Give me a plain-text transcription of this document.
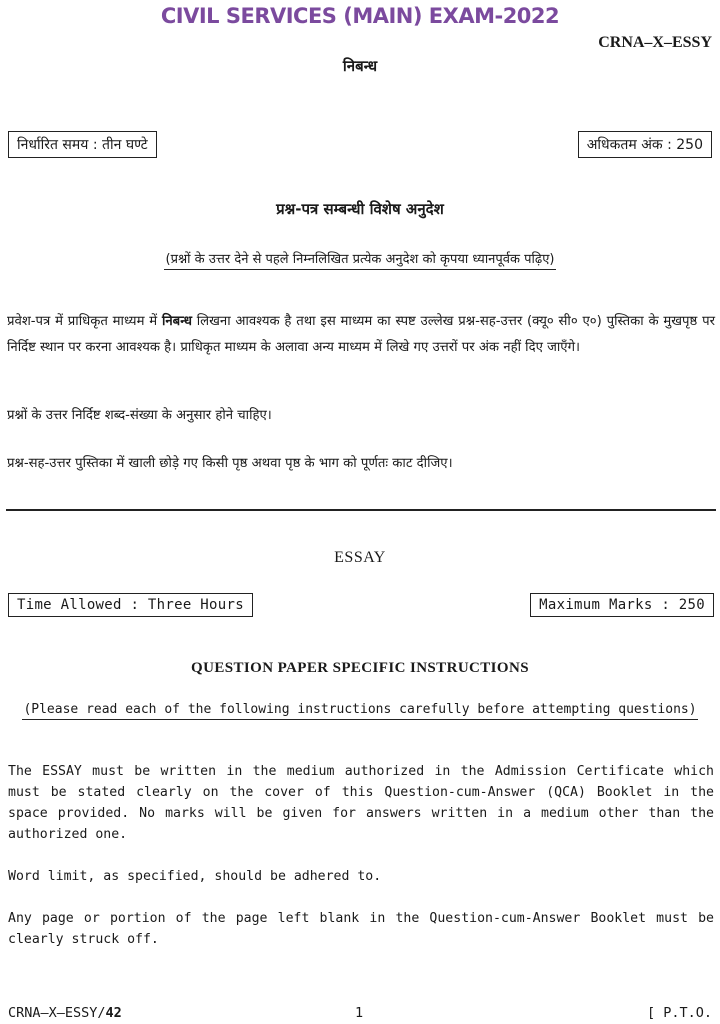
CIVIL SERVICES (MAIN) EXAM-2022
CRNA–X–ESSY
निबन्ध
निर्धारित समय : तीन घण्टे	अधिकतम अंक : 250
प्रश्न-पत्र सम्बन्धी विशेष अनुदेश
(प्रश्नों के उत्तर देने से पहले निम्नलिखित प्रत्येक अनुदेश को कृपया ध्यानपूर्वक पढ़िए)
प्रवेश-पत्र में प्राधिकृत माध्यम में निबन्ध लिखना आवश्यक है तथा इस माध्यम का स्पष्ट उल्लेख प्रश्न-सह-उत्तर (क्यू० सी० ए०) पुस्तिका के मुखपृष्ठ पर निर्दिष्ट स्थान पर करना आवश्यक है। प्राधिकृत माध्यम के अलावा अन्य माध्यम में लिखे गए उत्तरों पर अंक नहीं दिए जाएँगे।
प्रश्नों के उत्तर निर्दिष्ट शब्द-संख्या के अनुसार होने चाहिए।
प्रश्न-सह-उत्तर पुस्तिका में खाली छोड़े गए किसी पृष्ठ अथवा पृष्ठ के भाग को पूर्णतः काट दीजिए।
ESSAY
Time Allowed : Three Hours	Maximum Marks : 250
QUESTION PAPER SPECIFIC INSTRUCTIONS
(Please read each of the following instructions carefully before attempting questions)
The ESSAY must be written in the medium authorized in the Admission Certificate which must be stated clearly on the cover of this Question-cum-Answer (QCA) Booklet in the space provided. No marks will be given for answers written in a medium other than the authorized one.
Word limit, as specified, should be adhered to.
Any page or portion of the page left blank in the Question-cum-Answer Booklet must be clearly struck off.
CRNA–X–ESSY/42	1	[ P.T.O.
